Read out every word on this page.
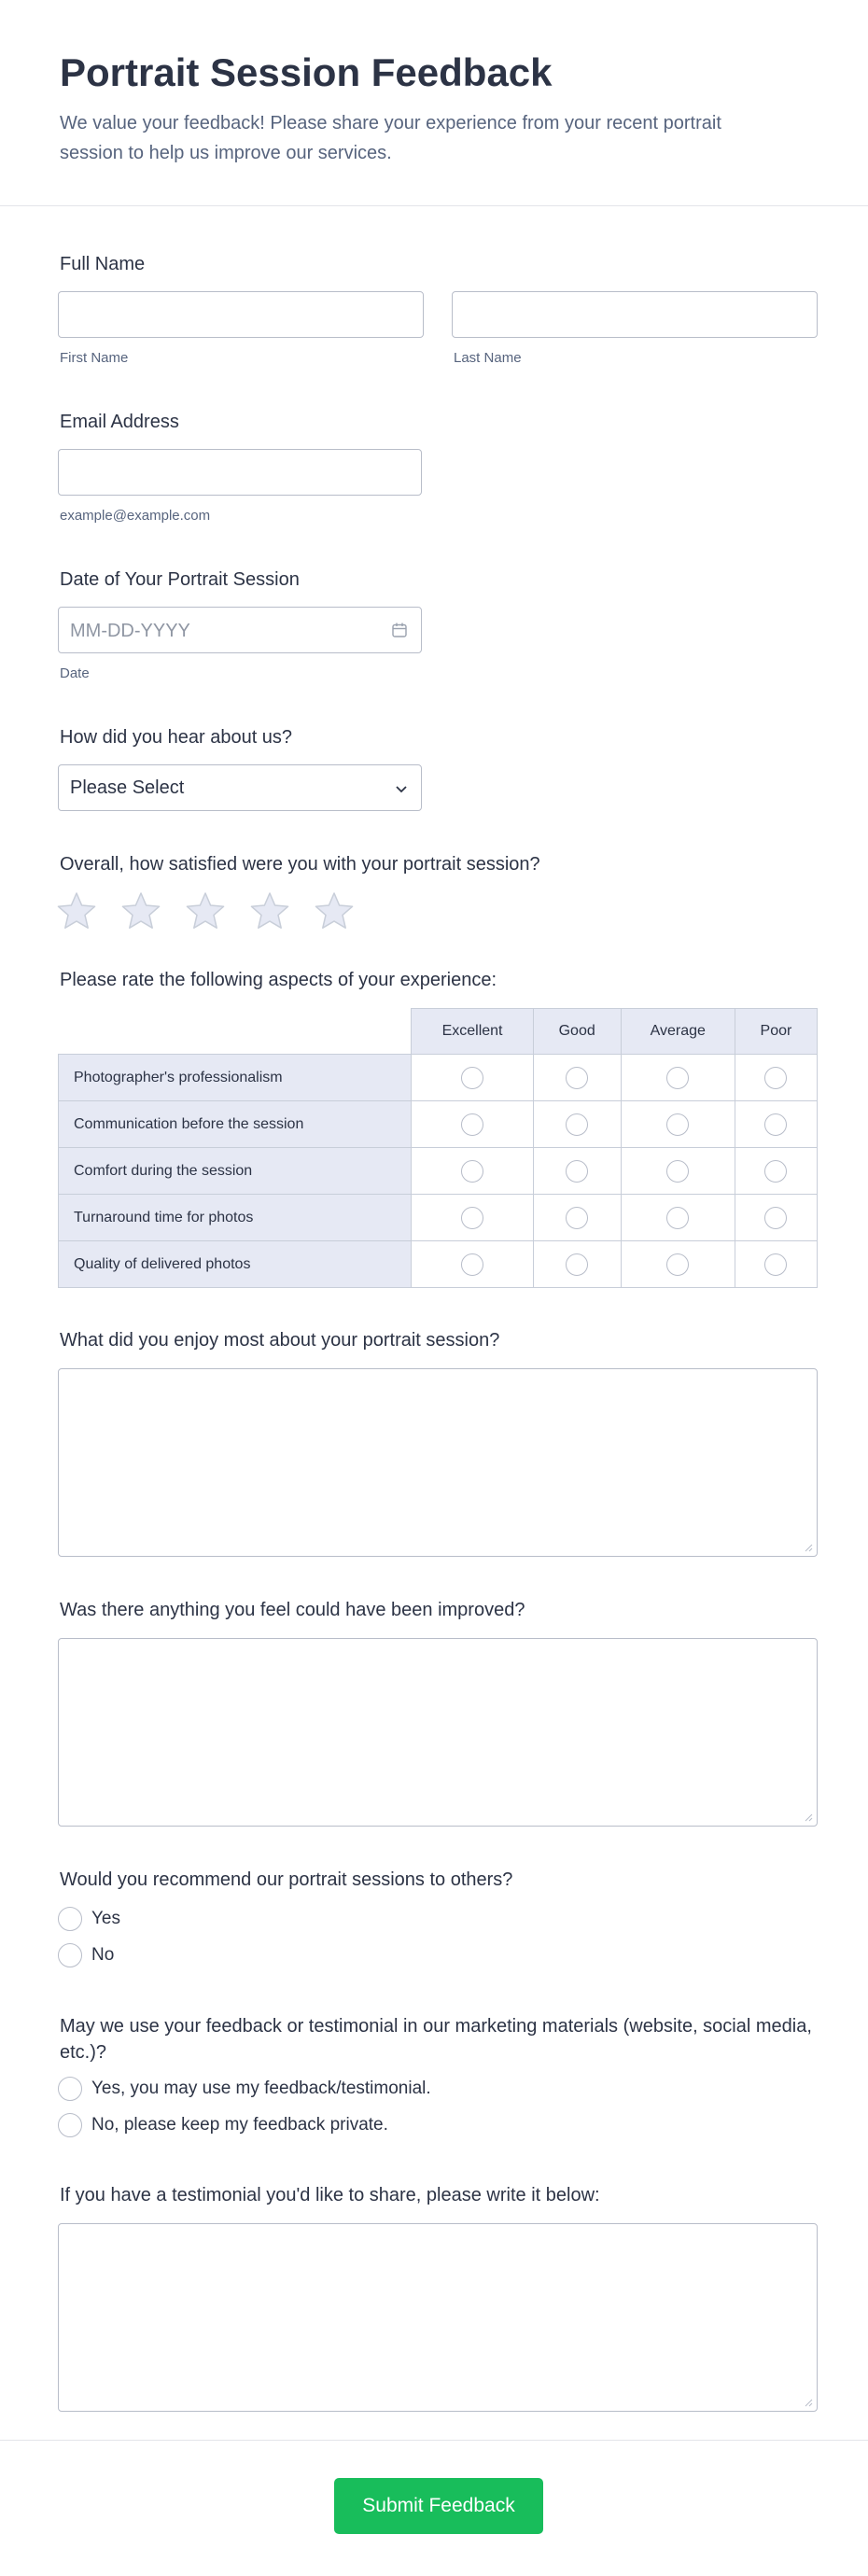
Portrait Session Feedback

We value your feedback! Please share your experience from your recent portrait session to help us improve our services.

Full Name
First Name	Last Name
Email Address
example@example.com
Date of Your Portrait Session
MM-DD-YYYY
Date
How did you hear about us?
Please Select
Overall, how satisfied were you with your portrait session?
Please rate the following aspects of your experience:
	Excellent	Good	Average	Poor
Photographer's professionalism				
Communication before the session				
Comfort during the session				
Turnaround time for photos				
Quality of delivered photos				
What did you enjoy most about your portrait session?
Was there anything you feel could have been improved?
Would you recommend our portrait sessions to others?
Yes
No
May we use your feedback or testimonial in our marketing materials (website, social media, etc.)?
Yes, you may use my feedback/testimonial.
No, please keep my feedback private.
If you have a testimonial you'd like to share, please write it below:
Submit Feedback
